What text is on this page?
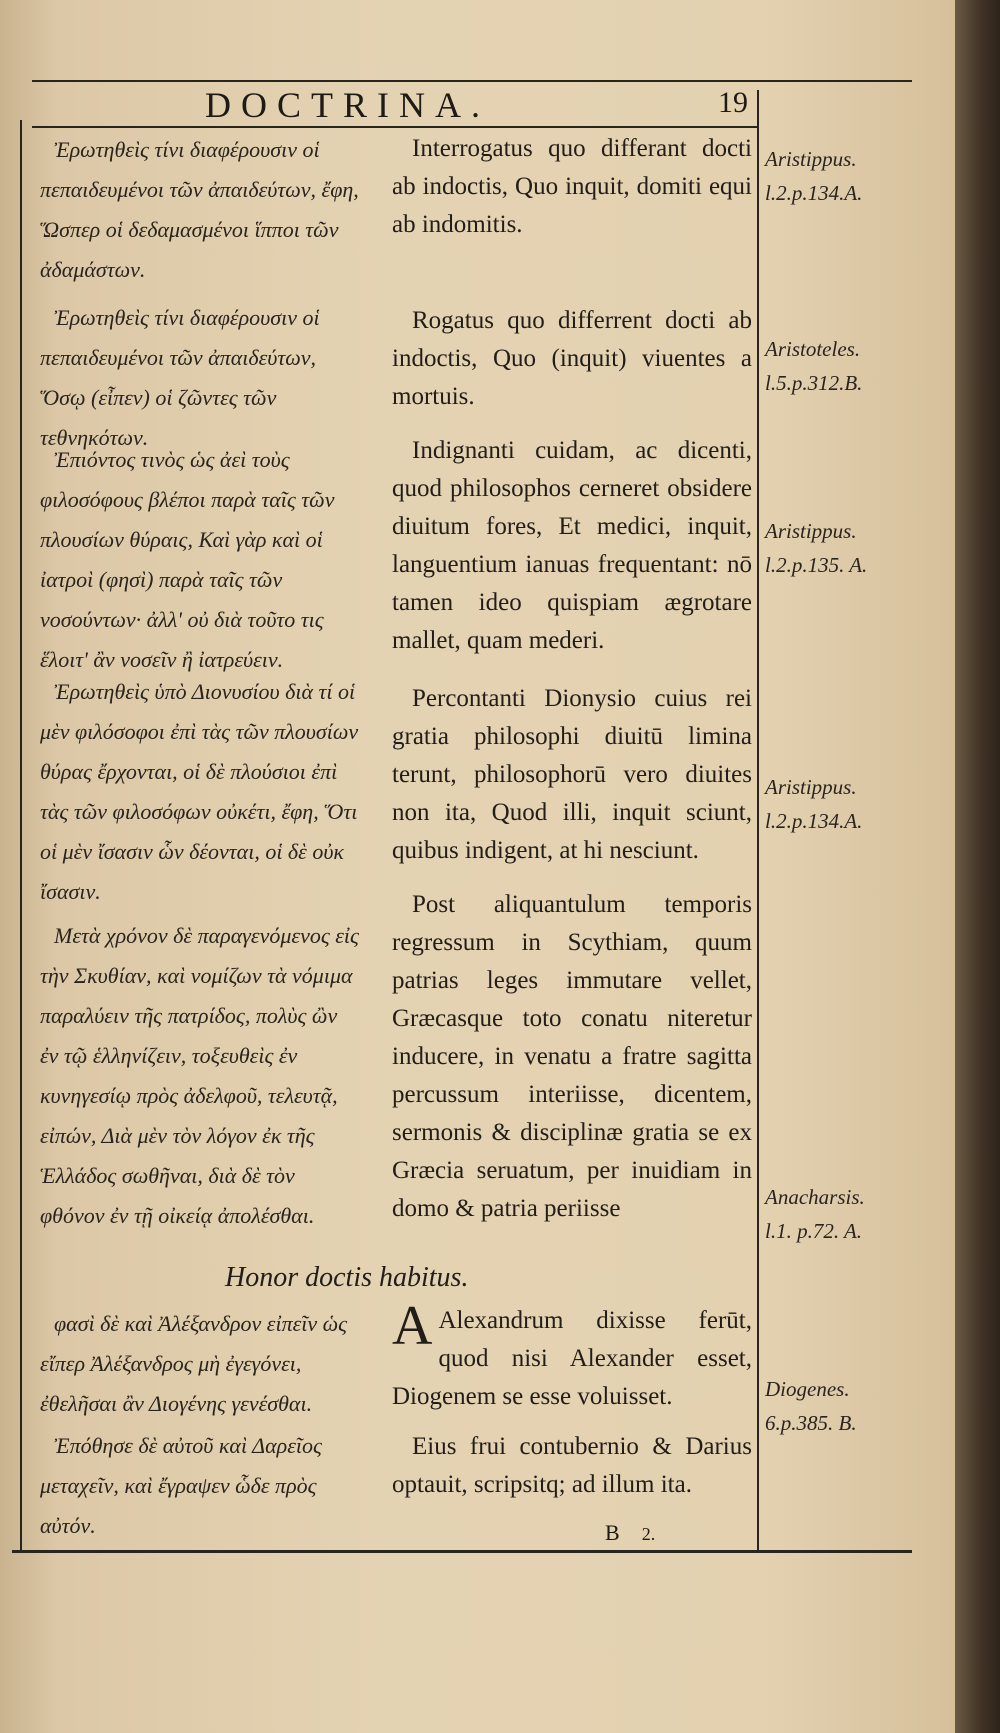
DOCTRINA.	19

Ἐρωτηθεὶς τίνι διαφέρουσιν οἱ πεπαιδευμένοι τῶν ἀπαιδεύτων, ἔφη, Ὥσπερ οἱ δεδαμασμένοι ἵπποι τῶν ἀδαμάστων.

Ἐρωτηθεὶς τίνι διαφέρουσιν οἱ πεπαιδευμένοι τῶν ἀπαιδεύτων, Ὅσῳ (εἶπεν) οἱ ζῶντες τῶν τεθνηκότων.

Ἐπιόντος τινὸς ὡς ἀεὶ τοὺς φιλοσόφους βλέποι παρὰ ταῖς τῶν πλουσίων θύραις, Καὶ γὰρ καὶ οἱ ἰατροὶ (φησὶ) παρὰ ταῖς τῶν νοσούντων· ἀλλ' οὐ διὰ τοῦτο τις ἕλοιτ' ἂν νοσεῖν ἢ ἰατρεύειν.

Ἐρωτηθεὶς ὑπὸ Διονυσίου διὰ τί οἱ μὲν φιλόσοφοι ἐπὶ τὰς τῶν πλουσίων θύρας ἔρχονται, οἱ δὲ πλούσιοι ἐπὶ τὰς τῶν φιλοσόφων οὐκέτι, ἔφη, Ὅτι οἱ μὲν ἴσασιν ὧν δέονται, οἱ δὲ οὐκ ἴσασιν.

Μετὰ χρόνον δὲ παραγενόμενος εἰς τὴν Σκυθίαν, καὶ νομίζων τὰ νόμιμα παραλύειν τῆς πατρίδος, πολὺς ὢν ἐν τῷ ἑλληνίζειν, τοξευθεὶς ἐν κυνηγεσίῳ πρὸς ἀδελφοῦ, τελευτᾷ, εἰπών, Διὰ μὲν τὸν λόγον ἐκ τῆς Ἑλλάδος σωθῆναι, διὰ δὲ τὸν φθόνον ἐν τῇ οἰκείᾳ ἀπολέσθαι.

φασὶ δὲ καὶ Ἀλέξανδρον εἰπεῖν ὡς εἴπερ Ἀλέξανδρος μὴ ἐγεγόνει, ἐθελῆσαι ἂν Διογένης γενέσθαι.

Ἐπόθησε δὲ αὐτοῦ καὶ Δαρεῖος μεταχεῖν, καὶ ἔγραψεν ὧδε πρὸς αὐτόν.

Interrogatus quo differant docti ab indoctis, Quo inquit, domiti equi ab indomitis.

Rogatus quo differrent docti ab indoctis, Quo (inquit) viuentes a mortuis.

Indignanti cuidam, ac dicenti, quod philosophos cerneret obsidere diuitum fores, Et medici, inquit, languentium ianuas frequentant: nō tamen ideo quispiam ægrotare mallet, quam mederi.

Percontanti Dionysio cuius rei gratia philosophi diuitū limina terunt, philosophorū vero diuites non ita, Quod illi, inquit sciunt, quibus indigent, at hi nesciunt.

Post aliquantulum temporis regressum in Scythiam, quum patrias leges immutare vellet, Græcasque toto conatu niteretur inducere, in venatu a fratre sagitta percussum interiisse, dicentem, sermonis & disciplinæ gratia se ex Græcia seruatum, per inuidiam in domo & patria periisse

A Alexandrum dixisse ferūt, quod nisi Alexander esset, Diogenem se esse voluisset.

Eius frui contubernio & Darius optauit, scripsitq; ad illum ita.

Honor doctis habitus.
Aristippus.
l.2.p.134.A.
Aristoteles.
l.5.p.312.B.
Aristippus.
l.2.p.135. A.
Aristippus.
l.2.p.134.A.
Anacharsis.
l.1. p.72. A.
Diogenes.
6.p.385. B.
B 2.
